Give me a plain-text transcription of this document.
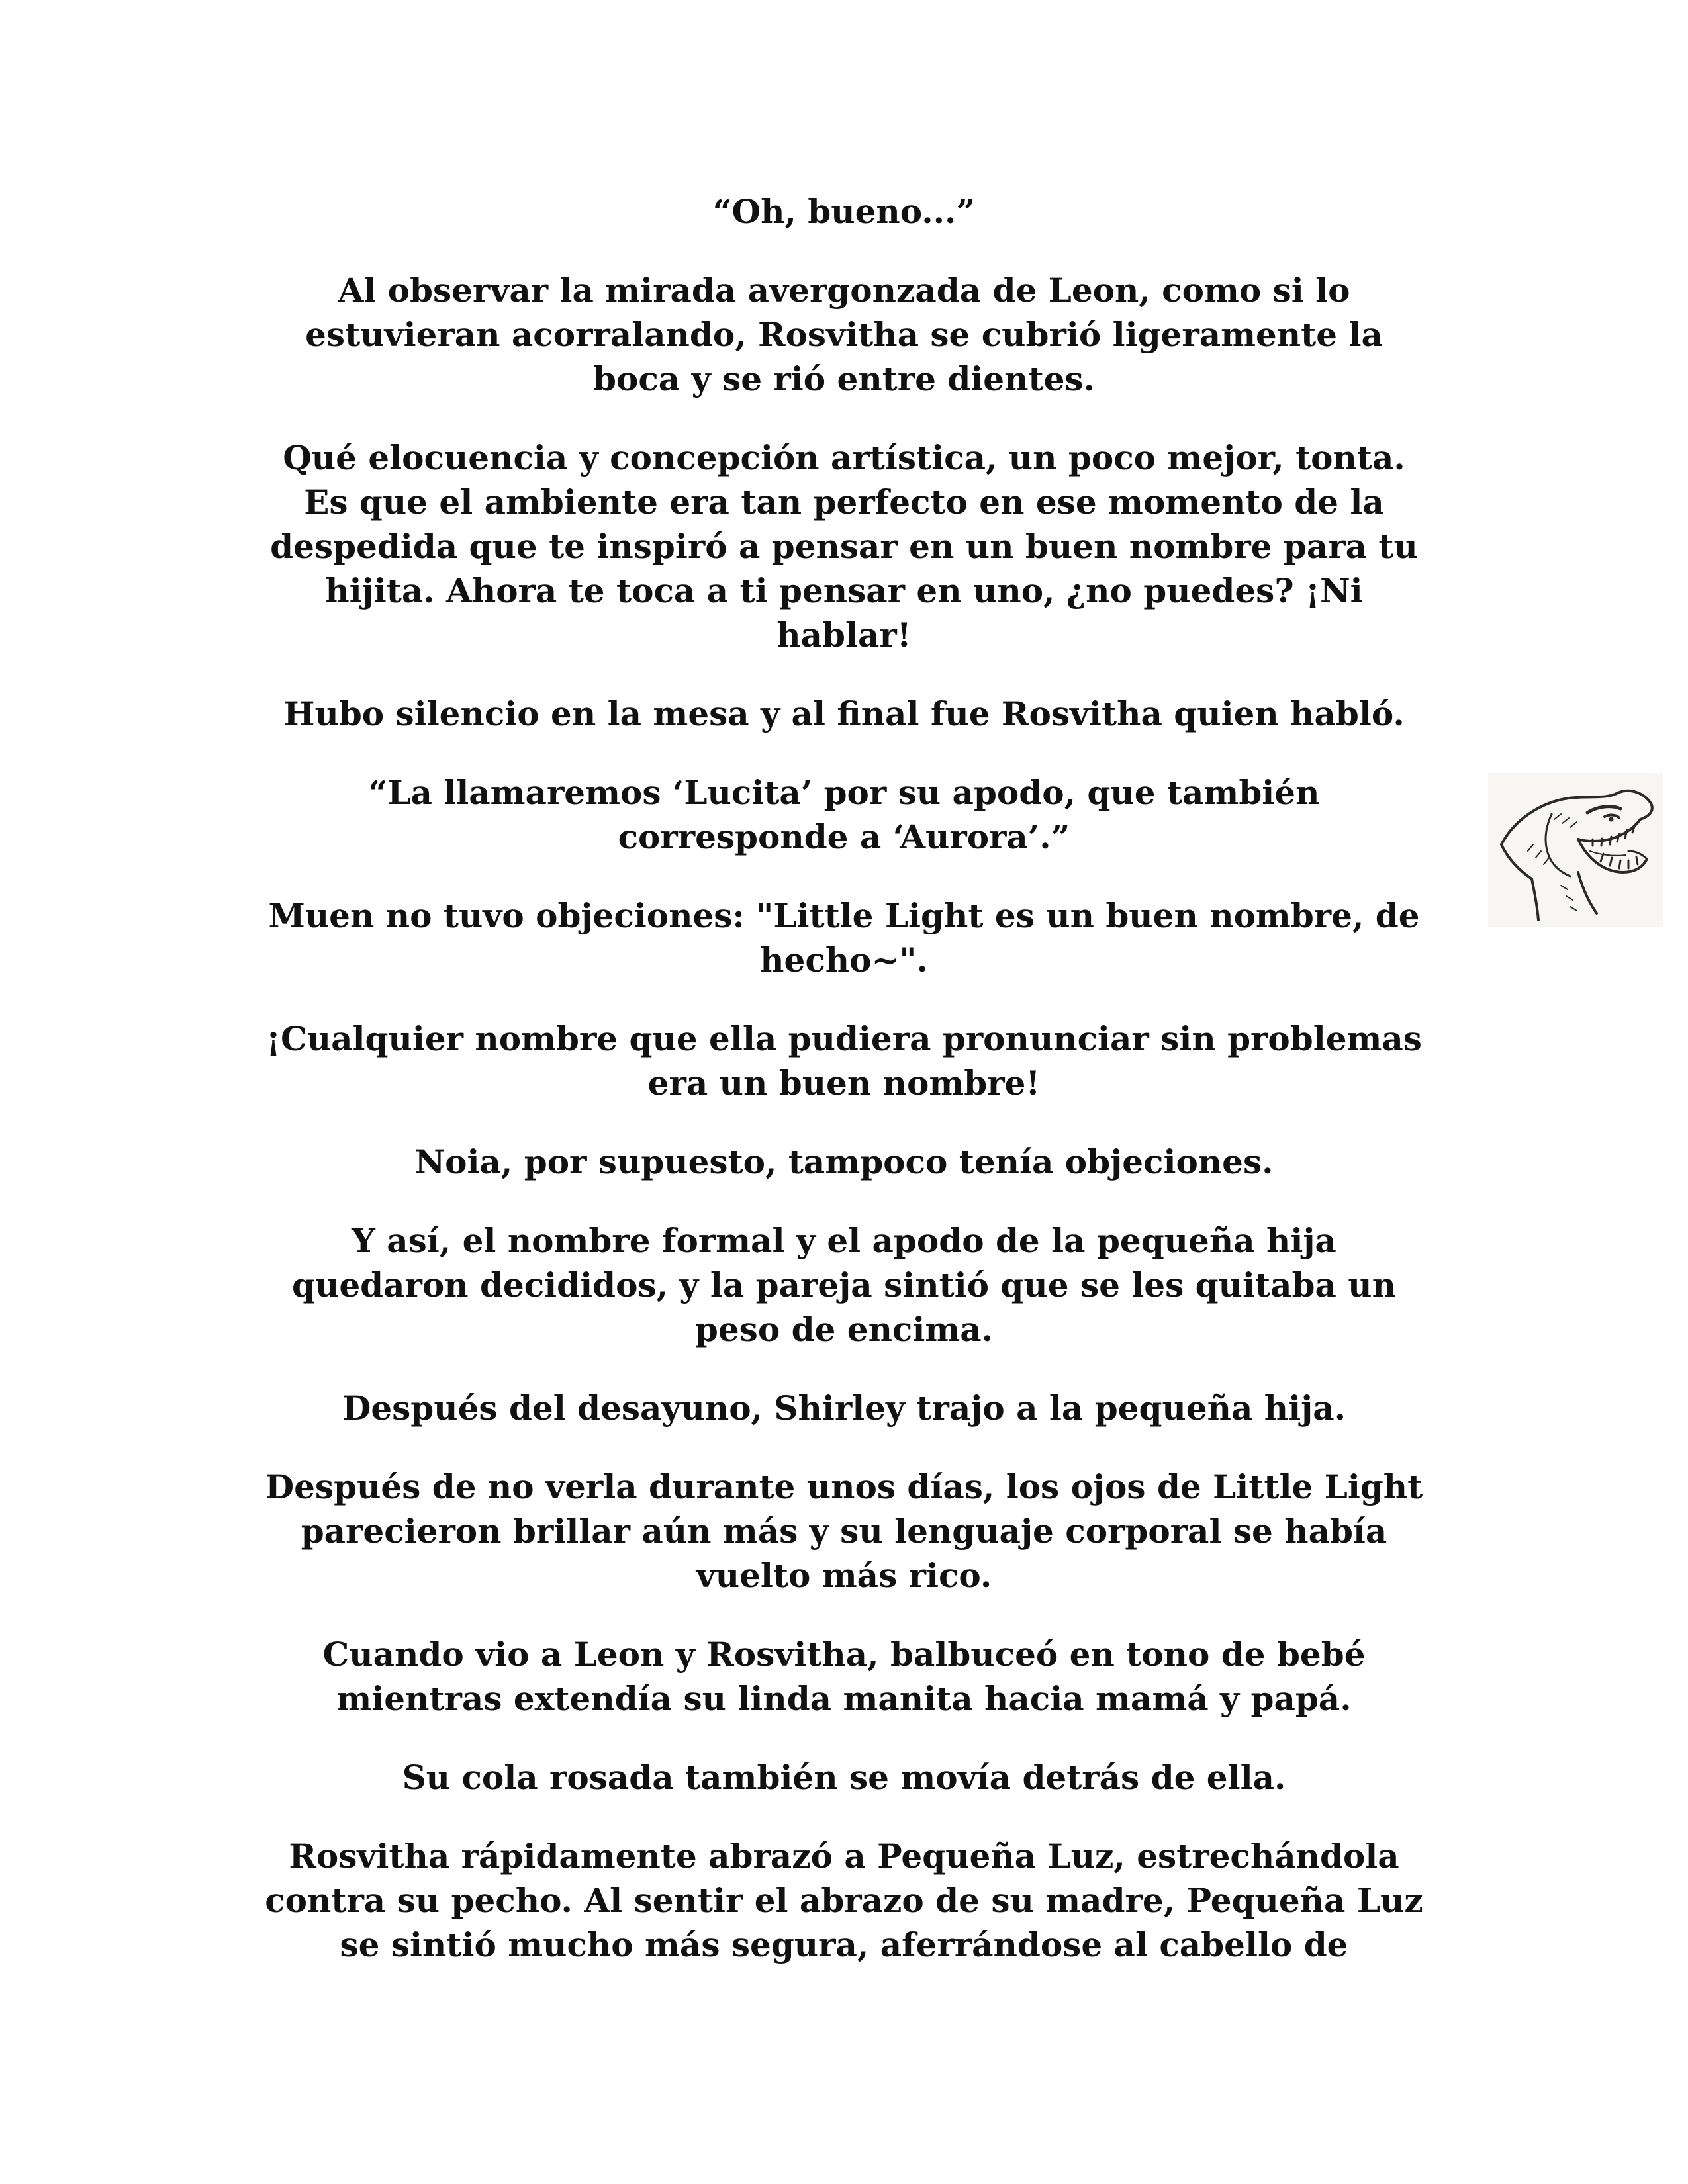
“Oh, bueno...”

Al observar la mirada avergonzada de Leon, como si lo
estuvieran acorralando, Rosvitha se cubrió ligeramente la
boca y se rió entre dientes.

Qué elocuencia y concepción artística, un poco mejor, tonta.
Es que el ambiente era tan perfecto en ese momento de la
despedida que te inspiró a pensar en un buen nombre para tu
hijita. Ahora te toca a ti pensar en uno, ¿no puedes? ¡Ni
hablar!

Hubo silencio en la mesa y al final fue Rosvitha quien habló.

“La llamaremos ‘Lucita’ por su apodo, que también
corresponde a ‘Aurora’.”

Muen no tuvo objeciones: "Little Light es un buen nombre, de
hecho~".

¡Cualquier nombre que ella pudiera pronunciar sin problemas
era un buen nombre!

Noia, por supuesto, tampoco tenía objeciones.

Y así, el nombre formal y el apodo de la pequeña hija
quedaron decididos, y la pareja sintió que se les quitaba un
peso de encima.

Después del desayuno, Shirley trajo a la pequeña hija.

Después de no verla durante unos días, los ojos de Little Light
parecieron brillar aún más y su lenguaje corporal se había
vuelto más rico.

Cuando vio a Leon y Rosvitha, balbuceó en tono de bebé
mientras extendía su linda manita hacia mamá y papá.

Su cola rosada también se movía detrás de ella.

Rosvitha rápidamente abrazó a Pequeña Luz, estrechándola
contra su pecho. Al sentir el abrazo de su madre, Pequeña Luz
se sintió mucho más segura, aferrándose al cabello de
